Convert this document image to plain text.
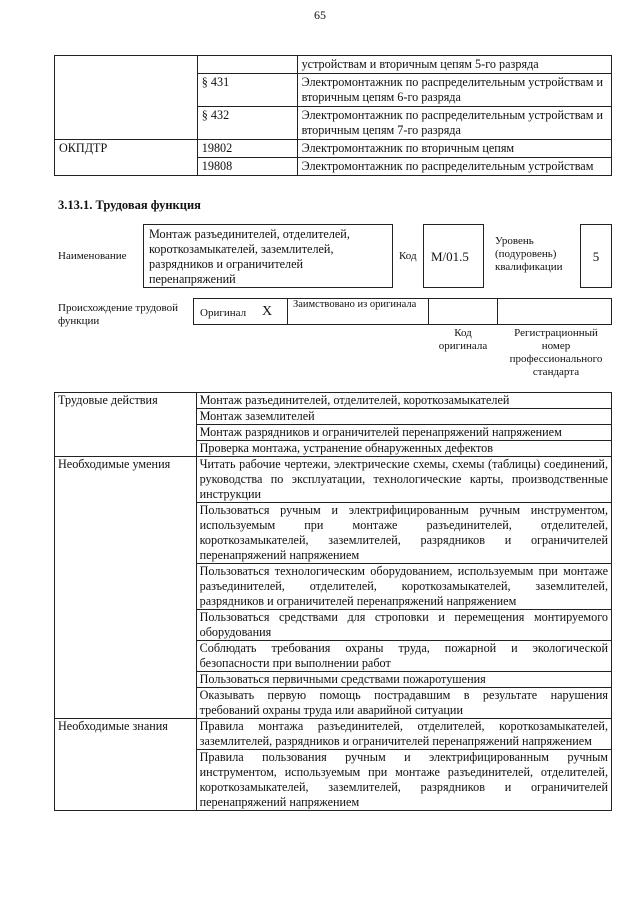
65
		устройствам и вторичным цепям 5-го разряда
	§ 431	Электромонтажник по распределительным устройствам и вторичным цепям 6-го разряда
	§ 432	Электромонтажник по распределительным устройствам и вторичным цепям 7-го разряда
ОКПДТР	19802	Электромонтажник по вторичным цепям
	19808	Электромонтажник по распределительным устройствам
3.13.1. Трудовая функция
Наименование
Монтаж разъединителей, отделителей, короткозамыкателей, заземлителей, разрядников и ограничителей перенапряжений
Код	М/01.5
Уровень (подуровень) квалификации
5
Происхождение трудовой функции
Оригинал X Заимствовано из оригинала
Код оригинала
Регистрационный номер профессионального стандарта
Трудовые действия	Монтаж разъединителей, отделителей, короткозамыкателей
	Монтаж заземлителей
	Монтаж разрядников и ограничителей перенапряжений напряжением
	Проверка монтажа, устранение обнаруженных дефектов
Необходимые умения	Читать рабочие чертежи, электрические схемы, схемы (таблицы) соединений, руководства по эксплуатации, технологические карты, производственные инструкции
	Пользоваться ручным и электрифицированным ручным инструментом, используемым при монтаже разъединителей, отделителей, короткозамыкателей, заземлителей, разрядников и ограничителей перенапряжений напряжением
	Пользоваться технологическим оборудованием, используемым при монтаже разъединителей, отделителей, короткозамыкателей, заземлителей, разрядников и ограничителей перенапряжений напряжением
	Пользоваться средствами для строповки и перемещения монтируемого оборудования
	Соблюдать требования охраны труда, пожарной и экологической безопасности при выполнении работ
	Пользоваться первичными средствами пожаротушения
	Оказывать первую помощь пострадавшим в результате нарушения требований охраны труда или аварийной ситуации
Необходимые знания	Правила монтажа разъединителей, отделителей, короткозамыкателей, заземлителей, разрядников и ограничителей перенапряжений напряжением
	Правила пользования ручным и электрифицированным ручным инструментом, используемым при монтаже разъединителей, отделителей, короткозамыкателей, заземлителей, разрядников и ограничителей перенапряжений напряжением
